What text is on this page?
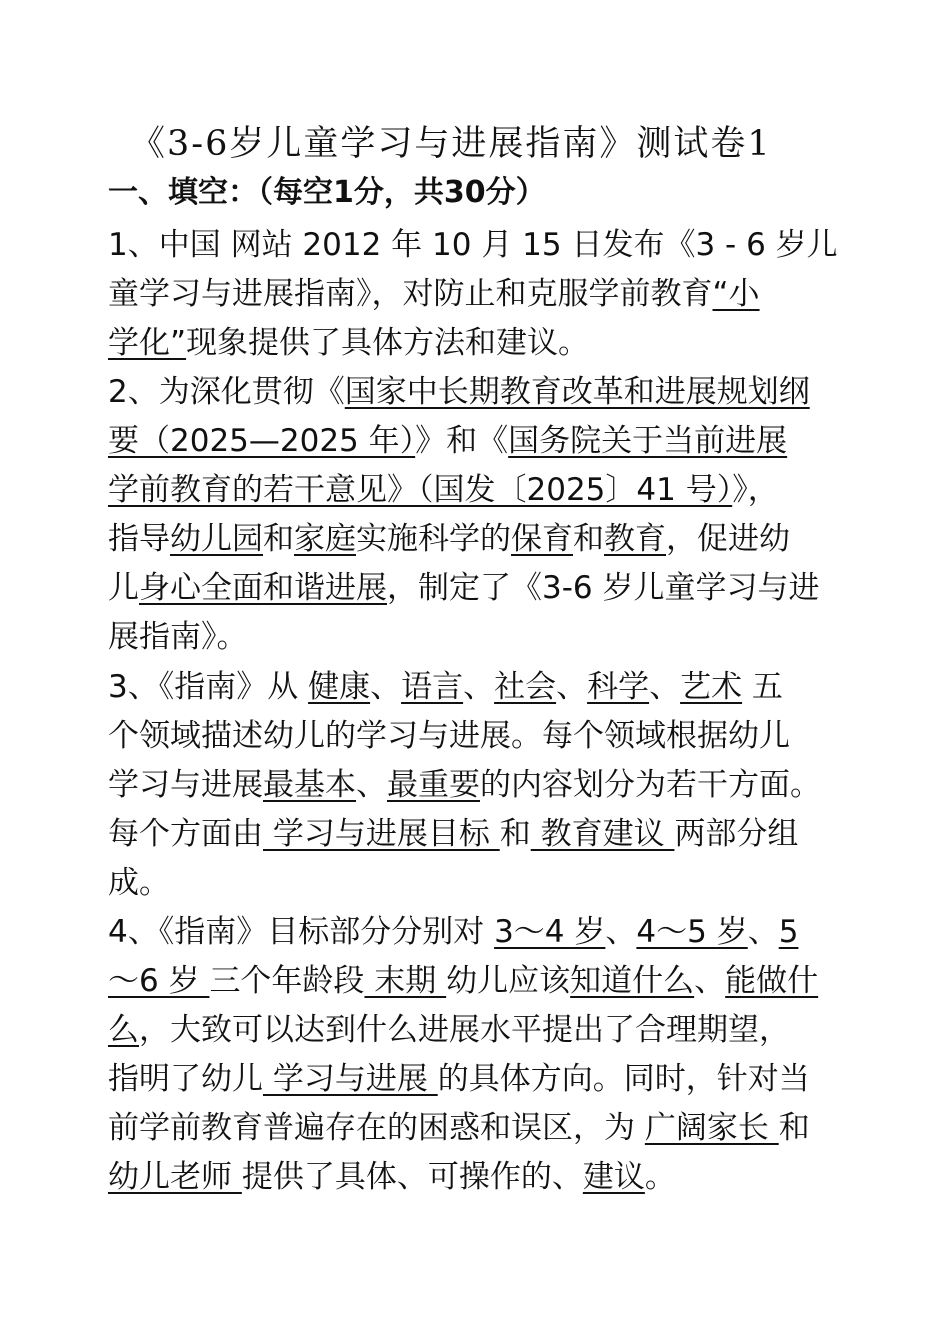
《3-6岁儿童学习与进展指南》测试卷1
一、填空：（每空1分，共30分）
1、中国 网站 2012 年 10 月 15 日发布《3 - 6 岁儿
童学习与进展指南》，对防止和克服学前教育“小
学化”现象提供了具体方法和建议。
2、为深化贯彻《国家中长期教育改革和进展规划纲
要（2025—2025 年）》和《国务院关于当前进展
学前教育的若干意见》（国发〔2025〕41 号）》，
指导幼儿园和家庭实施科学的保育和教育，促进幼
儿身心全面和谐进展，制定了《3-6 岁儿童学习与进
展指南》。
3、《指南》从 健康、语言、社会、科学、艺术 五
个领域描述幼儿的学习与进展。每个领域根据幼儿
学习与进展最基本、最重要的内容划分为若干方面。
每个方面由 学习与进展目标 和 教育建议 两部分组
成。
4、《指南》目标部分分别对 3～4 岁、4～5 岁、5
～6 岁 三个年龄段 末期 幼儿应该知道什么、能做什
么，大致可以达到什么进展水平提出了合理期望，
指明了幼儿 学习与进展 的具体方向。同时，针对当
前学前教育普遍存在的困惑和误区，为 广阔家长 和
幼儿老师 提供了具体、可操作的、建议。
